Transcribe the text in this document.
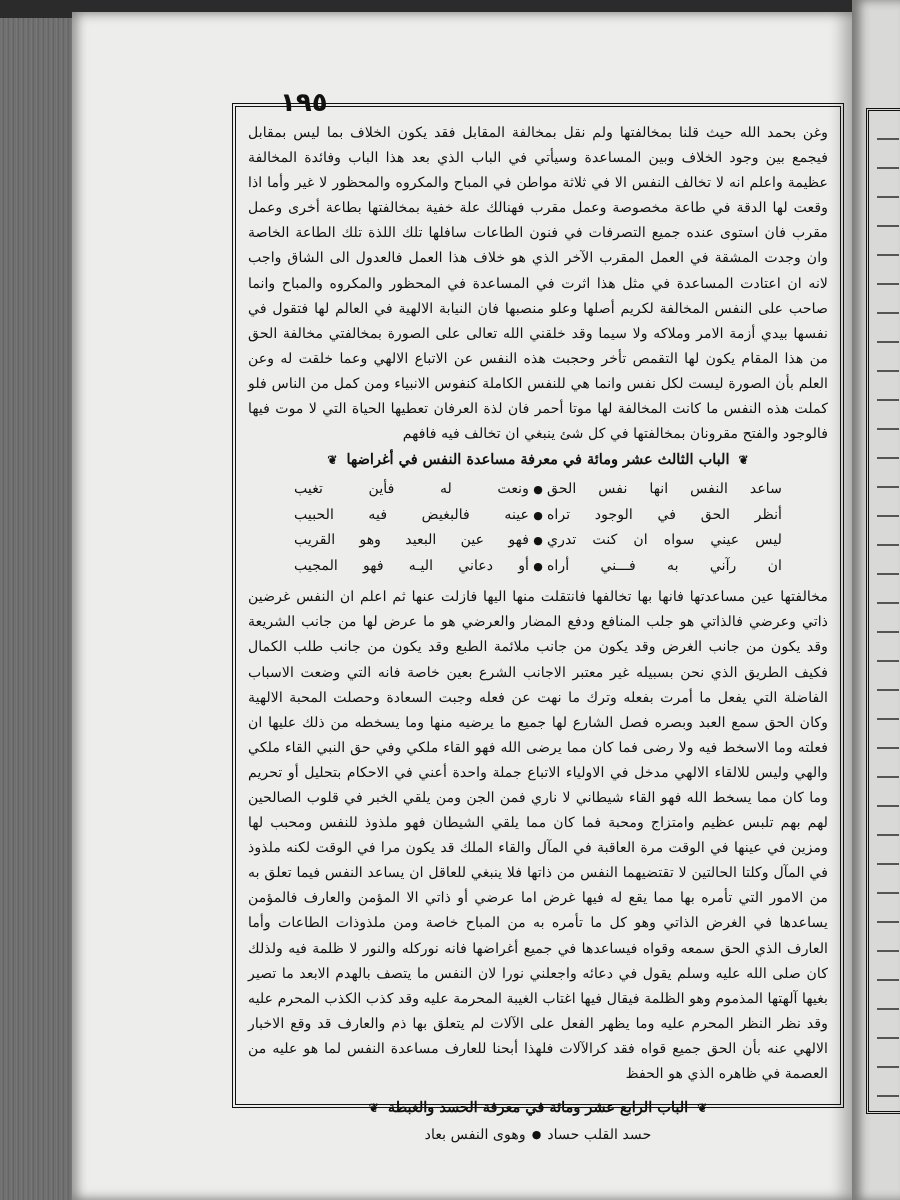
١٩٥

وغن بحمد الله حيث قلنا بمخالفتها ولم نقل بمخالفة المقابل فقد يكون الخلاف بما ليس بمقابل فيجمع بين وجود الخلاف وبين المساعدة وسيأتي في الباب الذي بعد هذا الباب وفائدة المخالفة عظيمة واعلم انه لا تخالف النفس الا في ثلاثة مواطن في المباح والمكروه والمحظور لا غير وأما اذا وقعت لها الدقة في طاعة مخصوصة وعمل مقرب فهنالك علة خفية بمخالفتها بطاعة أخرى وعمل مقرب فان استوى عنده جميع التصرفات في فنون الطاعات سافلها تلك اللذة تلك الطاعة الخاصة وان وجدت المشقة في العمل المقرب الآخر الذي هو خلاف هذا العمل فالعدول الى الشاق واجب لانه ان اعتادت المساعدة في مثل هذا اثرت في المساعدة في المحظور والمكروه والمباح وانما صاحب على النفس المخالفة لكريم أصلها وعلو منصبها فان النيابة الالهية في العالم لها فتقول في نفسها بيدي أزمة الامر وملاكه ولا سيما وقد خلقني الله تعالى على الصورة بمخالفتي مخالفة الحق من هذا المقام يكون لها التقمص تأخر وحجبت هذه النفس عن الاتباع الالهي وعما خلقت له وعن العلم بأن الصورة ليست لكل نفس وانما هي للنفس الكاملة كنفوس الانبياء ومن كمل من الناس فلو كملت هذه النفس ما كانت المخالفة لها موتا أحمر فان لذة العرفان تعطيها الحياة التي لا موت فيها فالوجود والفتح مقرونان بمخالفتها في كل شئ ينبغي ان تخالف فيه فافهم

❦ الباب الثالث عشر ومائة في معرفة مساعدة النفس في أغراضها ❦
ساعد النفس انها نفس الحق
●
ونعت له فأين تغيب
أنظر الحق في الوجود تراه
●
عينه فالبغيض فيه الحبيب
ليس عيني سواه ان كنت تدري
●
فهو عين البعيد وهو القريب
ان رآني به فـــني أراه
●
أو دعاني اليـه فهو المجيب

مخالفتها عين مساعدتها فانها بها تخالفها فانتقلت منها اليها فازلت عنها ثم اعلم ان النفس غرضين ذاتي وعرضي فالذاتي هو جلب المنافع ودفع المضار والعرضي هو ما عرض لها من جانب الشريعة وقد يكون من جانب الغرض وقد يكون من جانب ملائمة الطبع وقد يكون من جانب طلب الكمال فكيف الطريق الذي نحن بسبيله غير معتبر الاجانب الشرع بعين خاصة فانه التي وضعت الاسباب الفاضلة التي يفعل ما أمرت بفعله وترك ما نهت عن فعله وجبت السعادة وحصلت المحبة الالهية وكان الحق سمع العبد وبصره فصل الشارع لها جميع ما يرضيه منها وما يسخطه من ذلك عليها ان فعلته وما الاسخط فيه ولا رضى فما كان مما يرضى الله فهو القاء ملكي وفي حق النبي القاء ملكي والهي وليس للالقاء الالهي مدخل في الاولياء الاتباع جملة واحدة أعني في الاحكام بتحليل أو تحريم وما كان مما يسخط الله فهو القاء شيطاني لا ناري فمن الجن ومن يلقي الخبر في قلوب الصالحين لهم بهم تلبس عظيم وامتزاج ومحبة فما كان مما يلقي الشيطان فهو ملذوذ للنفس ومحبب لها ومزين في عينها في الوقت مرة العاقبة في المآل والقاء الملك قد يكون مرا في الوقت لكنه ملذوذ في المآل وكلتا الحالتين لا تقتضيهما النفس من ذاتها فلا ينبغي للعاقل ان يساعد النفس فيما تعلق به من الامور التي تأمره بها مما يقع له فيها غرض اما عرضي أو ذاتي الا المؤمن والعارف فالمؤمن يساعدها في الغرض الذاتي وهو كل ما تأمره به من المباح خاصة ومن ملذوذات الطاعات وأما العارف الذي الحق سمعه وقواه فيساعدها في جميع أغراضها فانه نوركله والنور لا ظلمة فيه ولذلك كان صلى الله عليه وسلم يقول في دعائه واجعلني نورا لان النفس ما يتصف بالهدم الابعد ما تصير بغيها آلهتها المذموم وهو الظلمة فيقال فيها اغتاب الغيبة المحرمة عليه وقد كذب الكذب المحرم عليه وقد نظر النظر المحرم عليه وما يظهر الفعل على الآلات لم يتعلق بها ذم والعارف قد وقع الاخبار الالهي عنه بأن الحق جميع قواه فقد كرالآلات فلهذا أبحنا للعارف مساعدة النفس لما هو عليه من العصمة في ظاهره الذي هو الحفظ

❦ الباب الرابع عشر ومائة في معرفة الحسد والغبطة ❦
حسد القلب حساد
●
وهوى النفس بعاد
